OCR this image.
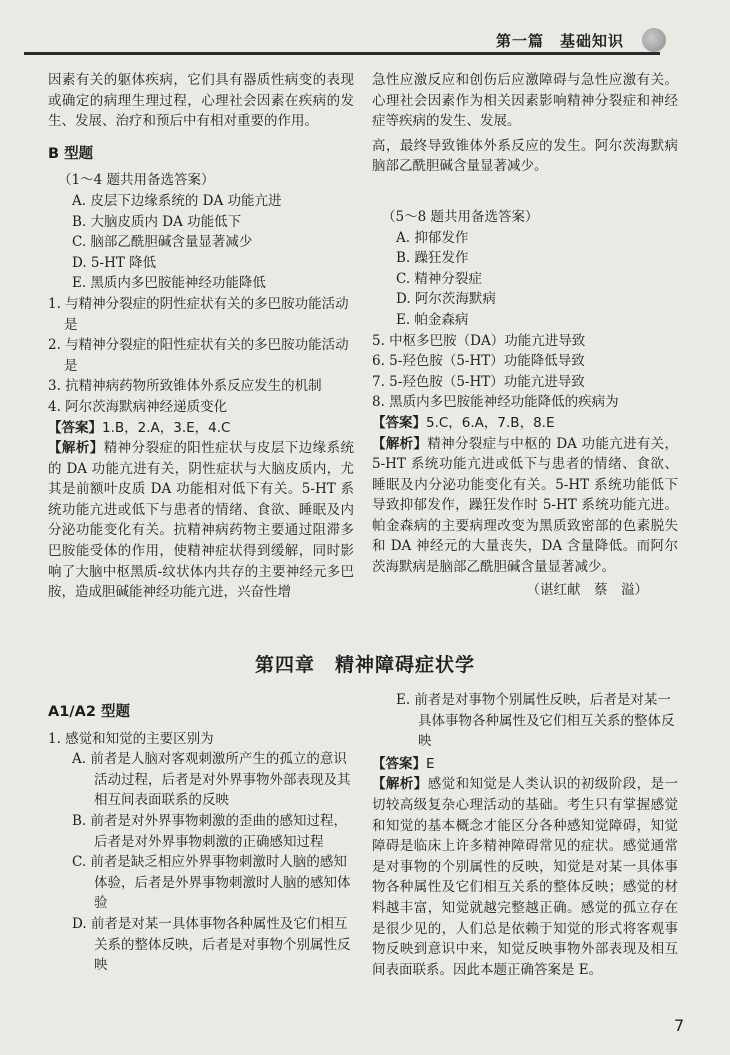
第一篇　基础知识

因素有关的躯体疾病，它们具有器质性病变的表现或确定的病理生理过程，心理社会因素在疾病的发生、发展、治疗和预后中有相对重要的作用。

B 型题

（1～4 题共用备选答案）

A. 皮层下边缘系统的 DA 功能亢进

B. 大脑皮质内 DA 功能低下

C. 脑部乙酰胆碱含量显著减少

D. 5-HT 降低

E. 黑质内多巴胺能神经功能降低

1. 与精神分裂症的阴性症状有关的多巴胺功能活动是

2. 与精神分裂症的阳性症状有关的多巴胺功能活动是

3. 抗精神病药物所致锥体外系反应发生的机制

4. 阿尔茨海默病神经递质变化

【答案】1.B，2.A，3.E，4.C

【解析】精神分裂症的阳性症状与皮层下边缘系统的 DA 功能亢进有关，阴性症状与大脑皮质内，尤其是前额叶皮质 DA 功能相对低下有关。5-HT 系统功能亢进或低下与患者的情绪、食欲、睡眠及内分泌功能变化有关。抗精神病药物主要通过阻滞多巴胺能受体的作用，使精神症状得到缓解，同时影响了大脑中枢黑质-纹状体内共存的主要神经元多巴胺，造成胆碱能神经功能亢进，兴奋性增

急性应激反应和创伤后应激障碍与急性应激有关。心理社会因素作为相关因素影响精神分裂症和神经症等疾病的发生、发展。

高，最终导致锥体外系反应的发生。阿尔茨海默病脑部乙酰胆碱含量显著减少。

（5～8 题共用备选答案）

A. 抑郁发作

B. 躁狂发作

C. 精神分裂症

D. 阿尔茨海默病

E. 帕金森病

5. 中枢多巴胺（DA）功能亢进导致

6. 5-羟色胺（5-HT）功能降低导致

7. 5-羟色胺（5-HT）功能亢进导致

8. 黑质内多巴胺能神经功能降低的疾病为

【答案】5.C，6.A，7.B，8.E

【解析】精神分裂症与中枢的 DA 功能亢进有关，5-HT 系统功能亢进或低下与患者的情绪、食欲、睡眠及内分泌功能变化有关。5-HT 系统功能低下导致抑郁发作，躁狂发作时 5-HT 系统功能亢进。帕金森病的主要病理改变为黑质致密部的色素脱失和 DA 神经元的大量丧失，DA 含量降低。而阿尔茨海默病是脑部乙酰胆碱含量显著减少。

（谌红献　蔡　溢）

第四章　精神障碍症状学

A1/A2 型题

1. 感觉和知觉的主要区别为

A. 前者是人脑对客观刺激所产生的孤立的意识活动过程，后者是对外界事物外部表现及其相互间表面联系的反映

B. 前者是对外界事物刺激的歪曲的感知过程，后者是对外界事物刺激的正确感知过程

C. 前者是缺乏相应外界事物刺激时人脑的感知体验，后者是外界事物刺激时人脑的感知体验

D. 前者是对某一具体事物各种属性及它们相互关系的整体反映，后者是对事物个别属性反映

E. 前者是对事物个别属性反映，后者是对某一具体事物各种属性及它们相互关系的整体反映

【答案】E

【解析】感觉和知觉是人类认识的初级阶段，是一切较高级复杂心理活动的基础。考生只有掌握感觉和知觉的基本概念才能区分各种感知觉障碍，知觉障碍是临床上许多精神障碍常见的症状。感觉通常是对事物的个别属性的反映，知觉是对某一具体事物各种属性及它们相互关系的整体反映；感觉的材料越丰富，知觉就越完整越正确。感觉的孤立存在是很少见的，人们总是依赖于知觉的形式将客观事物反映到意识中来，知觉反映事物外部表现及相互间表面联系。因此本题正确答案是 E。

7
